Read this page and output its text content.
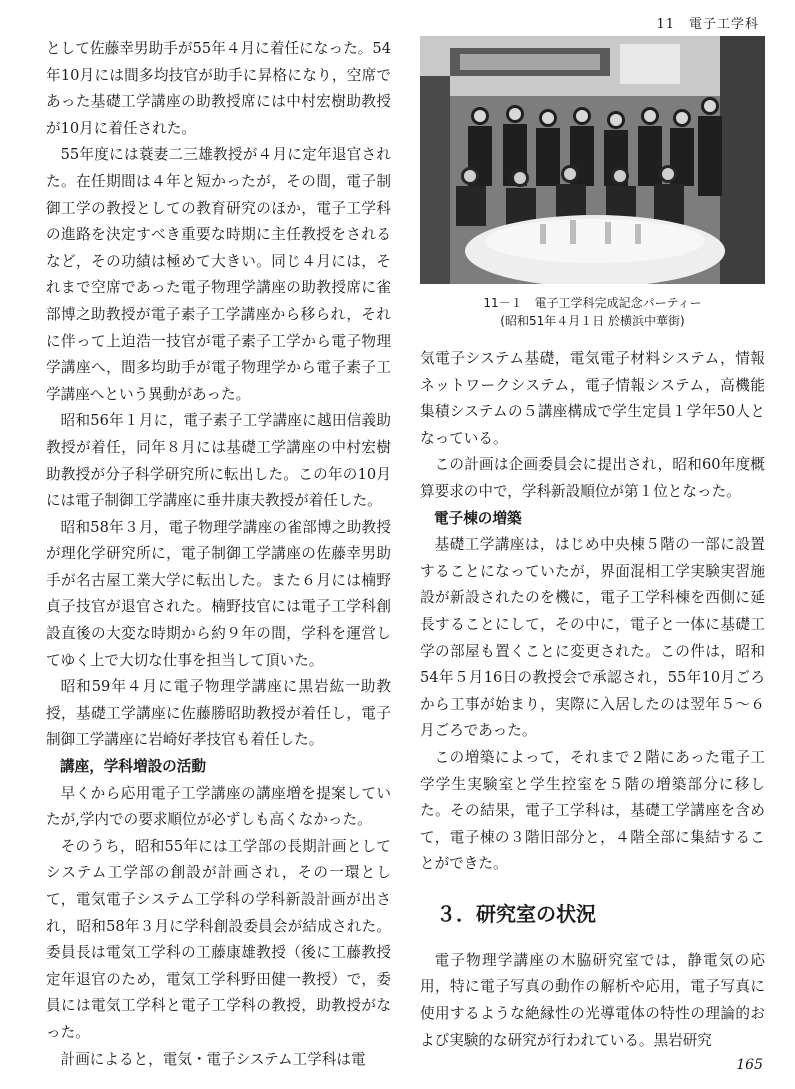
11　電子工学科

として佐藤幸男助手が55年４月に着任になった。54年10月には間多均技官が助手に昇格になり，空席であった基礎工学講座の助教授席には中村宏樹助教授が10月に着任された。

55年度には蓑妻二三雄教授が４月に定年退官された。在任期間は４年と短かったが，その間，電子制御工学の教授としての教育研究のほか，電子工学科の進路を決定すべき重要な時期に主任教授をされるなど，その功績は極めて大きい。同じ４月には，それまで空席であった電子物理学講座の助教授席に雀部博之助教授が電子素子工学講座から移られ，それに伴って上迫浩一技官が電子素子工学から電子物理学講座へ，間多均助手が電子物理学から電子素子工学講座へという異動があった。

昭和56年１月に，電子素子工学講座に越田信義助教授が着任，同年８月には基礎工学講座の中村宏樹助教授が分子科学研究所に転出した。この年の10月には電子制御工学講座に垂井康夫教授が着任した。

昭和58年３月，電子物理学講座の雀部博之助教授が理化学研究所に，電子制御工学講座の佐藤幸男助手が名古屋工業大学に転出した。また６月には楠野貞子技官が退官された。楠野技官には電子工学科創設直後の大変な時期から約９年の間，学科を運営してゆく上で大切な仕事を担当して頂いた。

昭和59年４月に電子物理学講座に黒岩紘一助教授，基礎工学講座に佐藤勝昭助教授が着任し，電子制御工学講座に岩崎好孝技官も着任した。

講座，学科増設の活動

早くから応用電子工学講座の講座増を提案していたが,学内での要求順位が必ずしも高くなかった。

そのうち，昭和55年には工学部の長期計画としてシステム工学部の創設が計画され，その一環として，電気電子システム工学科の学科新設計画が出され，昭和58年３月に学科創設委員会が結成された。委員長は電気工学科の工藤康雄教授（後に工藤教授定年退官のため，電気工学科野田健一教授）で，委員には電気工学科と電子工学科の教授，助教授がなった。

計画によると，電気・電子システム工学科は電

11－１　電子工学科完成記念パーティー
(昭和51年４月１日 於横浜中華街)

気電子システム基礎，電気電子材料システム，情報ネットワークシステム，電子情報システム，高機能集積システムの５講座構成で学生定員１学年50人となっている。

この計画は企画委員会に提出され，昭和60年度概算要求の中で，学科新設順位が第１位となった。

電子棟の増築

基礎工学講座は，はじめ中央棟５階の一部に設置することになっていたが，界面混相工学実験実習施設が新設されたのを機に，電子工学科棟を西側に延長することにして，その中に，電子と一体に基礎工学の部屋も置くことに変更された。この件は，昭和54年５月16日の教授会で承認され，55年10月ごろから工事が始まり，実際に入居したのは翌年５～６月ごろであった。

この増築によって，それまで２階にあった電子工学学生実験室と学生控室を５階の増築部分に移した。その結果，電子工学科は，基礎工学講座を含めて，電子棟の３階旧部分と，４階全部に集結することができた。

３．研究室の状況

電子物理学講座の木脇研究室では，静電気の応用，特に電子写真の動作の解析や応用，電子写真に使用するような絶縁性の光導電体の特性の理論的および実験的な研究が行われている。黒岩研究

165
